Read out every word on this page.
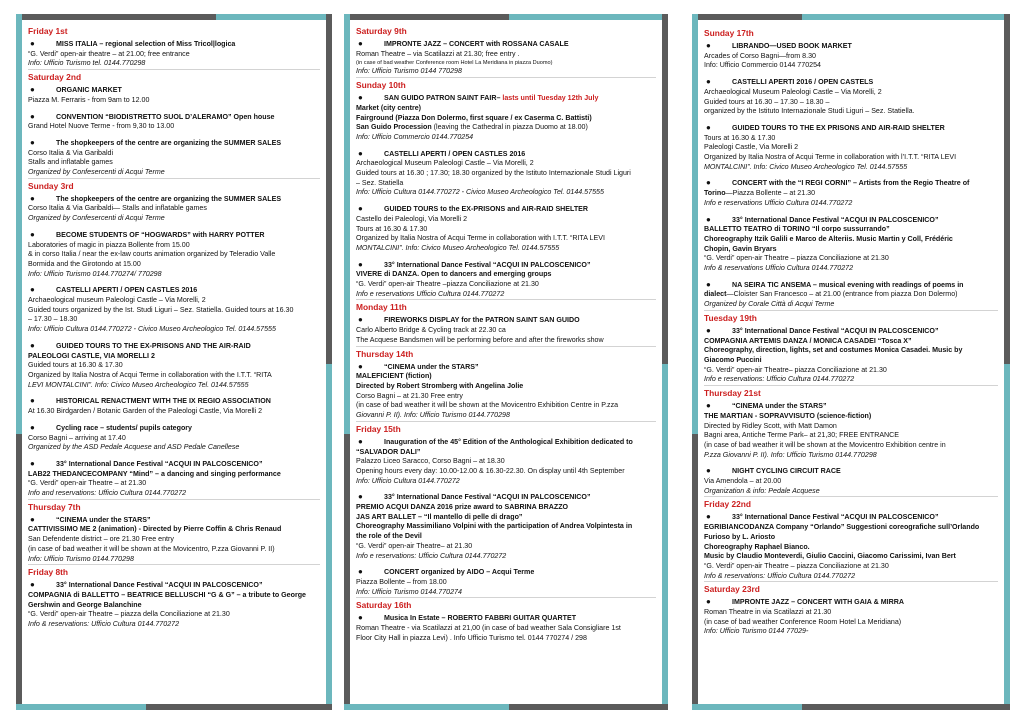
Friday 1st
●	MISS ITALIA – regional selection of Miss Tricol|logica
“G. Verdi” open-air theatre – at 21.00; free entrance
Info: Ufficio Turismo tel. 0144.770298
Saturday 2nd
●	ORGANIC MARKET
Piazza M. Ferraris - from 9am to 12.00
●	CONVENTION “BIODISTRETTO SUOL D’ALERAMO” Open house
Grand Hotel Nuove Terme - from 9,30 to 13.00
●	The shopkeepers of the centre are organizing the SUMMER SALES
Corso Italia & Via Garibaldi
Stalls and inflatable games
Organized by Confesercenti di Acqui Terme
Sunday 3rd
●	The shopkeepers of the centre are organizing the SUMMER SALES
Corso Italia & Via Garibaldi— Stalls and inflatable games
Organized by Confesercenti di Acqui Terme
●	BECOME STUDENTS OF “HOGWARDS” with HARRY POTTER
Laboratories of magic in piazza Bollente from 15.00
& in corso Italia / near the ex-law courts animation organized by Teleradio Valle
Bormida and the Girotondo at 15.00
Info: Ufficio Turismo 0144.770274/ 770298
●	CASTELLI APERTI / OPEN CASTLES 2016
Archaeological museum Paleologi Castle – Via Morelli, 2
Guided tours organized by the Ist. Studi Liguri – Sez. Statiella. Guided tours at 16.30
– 17.30 – 18.30
Info: Ufficio Cultura 0144.770272 - Civico Museo Archeologico Tel. 0144.57555
●	GUIDED TOURS TO THE EX-PRISONS AND THE AIR-RAID
PALEOLOGI CASTLE, VIA MORELLI 2
Guided tours at 16.30 & 17.30
Organized by Italia Nostra of Acqui Terme in collaboration with the I.T.T. “RITA
LEVI MONTALCINI”. Info: Civico Museo Archeologico Tel. 0144.57555
●	HISTORICAL RENACTMENT WITH THE IX REGIO ASSOCIATION
At 16.30 Birdgarden / Botanic Garden of the Paleologi Castle, Via Morelli 2
●	Cycling race – students/ pupils category
Corso Bagni – arriving at 17.40
Organized by the ASD Pedale Acquese and ASD Pedale Canellese
●	33° International Dance Festival “ACQUI IN PALCOSCENICO”
LAB22 THEDANCECOMPANY “Mind” – a dancing and singing performance
“G. Verdi” open-air Theatre – at 21.30
Info and reservations: Ufficio Cultura 0144.770272
Thursday 7th
●	“CINEMA under the STARS”
CATTIVISSIMO ME 2 (animation) - Directed by Pierre Coffin & Chris Renaud
San Defendente district – ore 21.30 Free entry
(in case of bad weather it will be shown at the Movicentro, P.zza Giovanni P. II)
Info: Ufficio Turismo 0144.770298
Friday 8th
●	33° International Dance Festival “ACQUI IN PALCOSCENICO”
COMPAGNIA di BALLETTO – BEATRICE BELLUSCHI “G & G” – a tribute to George
Gershwin and George Balanchine
“G. Verdi” open-air Theatre – piazza della Conciliazione at 21.30
Info & reservations: Ufficio Cultura 0144.770272
Saturday 9th
●	IMPRONTE JAZZ – CONCERT with ROSSANA CASALE
Roman Theatre – via Scatilazzi at 21.30; free entry .
(in case of bad weather Conference room Hotel La Meridiana in piazza Duomo)
Info: Ufficio Turismo 0144 770298
Sunday 10th
●	SAN GUIDO PATRON SAINT FAIR– lasts until Tuesday 12th July
Market (city centre)
Fairground (Piazza Don Dolermo, first square / ex Caserma C. Battisti)
San Guido Procession (leaving the Cathedral in piazza Duomo at 18.00)
Info: Ufficio Commercio 0144.770254
●	CASTELLI APERTI / OPEN CASTLES 2016
Archaeological Museum Paleologi Castle – Via Morelli, 2
Guided tours at 16.30 ; 17.30; 18.30 organized by the Istituto Internazionale Studi Liguri
– Sez. Statiella
Info: Ufficio Cultura 0144.770272 - Civico Museo Archeologico Tel. 0144.57555
●	GUIDED TOURS to the EX-PRISONS and AIR-RAID SHELTER
Castello dei Paleologi, Via Morelli 2
Tours at 16.30 & 17.30
Organized by Italia Nostra of Acqui Terme in collaboration with I.T.T. “RITA LEVI
MONTALCINI”. Info: Civico Museo Archeologico Tel. 0144.57555
●	33° International Dance Festival “ACQUI IN PALCOSCENICO”
VIVERE di DANZA. Open to dancers and emerging groups
“G. Verdi” open-air Theatre –piazza Conciliazione at 21.30
Info e reservations Ufficio Cultura 0144.770272
Monday 11th
●	FIREWORKS DISPLAY for the PATRON SAINT SAN GUIDO
Carlo Alberto Bridge & Cycling track at 22.30 ca
The Acquese Bandsmen will be performing before and after the fireworks show
Thursday 14th
●	“CINEMA under the STARS”
MALEFICIENT (fiction)
Directed by Robert Stromberg with Angelina Jolie
Corso Bagni – at 21.30 Free entry
(in case of bad weather it will be shown at the Movicentro Exhibition Centre in P.zza
Giovanni P. II). Info: Ufficio Turismo 0144.770298
Friday 15th
●	Inauguration of the 45° Edition of the Anthological Exhibition dedicated to
“SALVADOR DALI”
Palazzo Liceo Saracco, Corso Bagni – at 18.30
Opening hours every day: 10.00-12.00 & 16.30-22.30. On display until 4th September
Info: Ufficio Cultura 0144.770272
●	33° International Dance Festival “ACQUI IN PALCOSCENICO”
PREMIO ACQUI DANZA 2016 prize award to SABRINA BRAZZO
JAS ART BALLET – “Il mantello di pelle di drago”
Choreography Massimiliano Volpini with the participation of Andrea Volpintesta in
the role of the Devil
“G. Verdi” open-air Theatre– at 21.30
Info e reservations: Ufficio Cultura 0144.770272
●	CONCERT organized by AIDO – Acqui Terme
Piazza Bollente – from 18.00
Info: Ufficio Turismo 0144.770274
Saturday 16th
●	Musica In Estate – ROBERTO FABBRI GUITAR QUARTET
Roman Theatre - via Scatilazzi at 21,00 (in case of bad weather Sala Consigliare 1st
Floor City Hall in piazza Levi) . Info Ufficio Turismo tel. 0144 770274 / 298
Sunday 17th
●	LIBRANDO—USED BOOK MARKET
Arcades of Corso Bagni—from 8.30
Info: Ufficio Commercio 0144 770254
●	CASTELLI APERTI 2016 / OPEN CASTELS
Archaeological Museum Paleologi Castle – Via Morelli, 2
Guided tours at 16.30 – 17.30 – 18.30 –
organized by the Istituto Internazionale Studi Liguri – Sez. Statiella.
●	GUIDED TOURS TO THE EX PRISONS AND AIR-RAID SHELTER
Tours at 16.30 & 17.30
Paleologi Castle, Via Morelli 2
Organized by Italia Nostra of Acqui Terme in collaboration with l’I.T.T. “RITA LEVI
MONTALCINI”. Info: Civico Museo Archeologico Tel. 0144.57555
●	CONCERT with the “I REGI CORNI” – Artists from the Regio Theatre of
Torino—Piazza Bollente – at 21.30
Info e reservations Ufficio Cultura 0144.770272
●	33° International Dance Festival “ACQUI IN PALCOSCENICO”
BALLETTO TEATRO di TORINO “Il corpo sussurrando”
Choreography Itzik Galili e Marco de Alteriis. Music Martin y Coll, Frédéric
Chopin, Gavin Bryars
“G. Verdi” open-air Theatre – piazza Conciliazione at 21.30
Info & reservations Ufficio Cultura 0144.770272
●	NA SEIRA TIC ANSEMA – musical evening with readings of poems in
dialect—Cloister San Francesco – at 21.00 (entrance from piazza Don Dolermo)
Organized by Corale Città di Acqui Terme
Tuesday 19th
●	33° International Dance Festival “ACQUI IN PALCOSCENICO”
COMPAGNIA ARTEMIS DANZA / MONICA CASADEI “Tosca X”
Choreography, direction, lights, set and costumes Monica Casadei. Music by
Giacomo Puccini
“G. Verdi” open-air Theatre– piazza Conciliazione at 21.30
Info e reservations: Ufficio Cultura 0144.770272
Thursday 21st
●	“CINEMA under the STARS”
THE MARTIAN - SOPRAVVISUTO (science-fiction)
Directed by Ridley Scott, with Matt Damon
Bagni area, Antiche Terme Park– at 21,30; FREE ENTRANCE
(in case of bad weather it will be shown at the Movicentro Exhibition centre in
P.zza Giovanni P. II). Info: Ufficio Turismo 0144.770298
●	NIGHT CYCLING CIRCUIT RACE
Via Amendola – at 20.00
Organization & info: Pedale Acquese
Friday 22nd
●	33° International Dance Festival “ACQUI IN PALCOSCENICO”
EGRIBIANCODANZA Company “Orlando” Suggestioni coreografiche sull’Orlando
Furioso by L. Ariosto
Choreography Raphael Bianco.
Music by Claudio Monteverdi, Giulio Caccini, Giacomo Carissimi, Ivan Bert
“G. Verdi” open-air Theatre – piazza Conciliazione at 21.30
Info & reservations: Ufficio Cultura 0144.770272
Saturday 23rd
●	IMPRONTE JAZZ – CONCERT WITH GAIA & MIRRA
Roman Theatre in via Scatilazzi at 21.30
(in case of bad weather Conference Room Hotel La Meridiana)
Info: Ufficio Turismo 0144 77029-
